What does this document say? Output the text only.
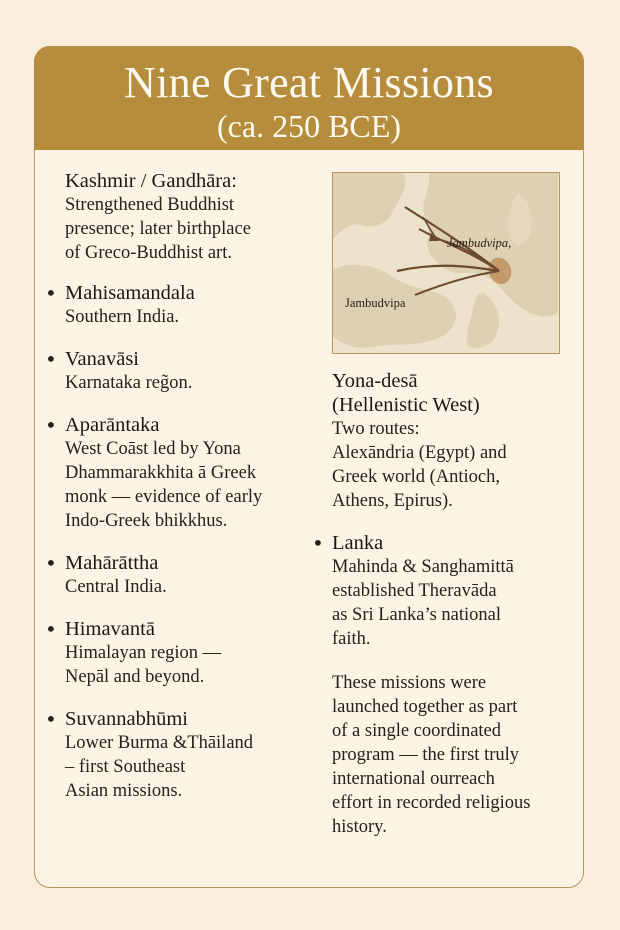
Nine Great Missions
(ca. 250 BCE)
Kashmir / Gandhāra:
Strengthened Buddhist
presence; later birthplace
of Greco-Buddhist art.
• Mahisamandala
Southern India.
• Vanavāsi
Karnataka reg̃on.
• Aparāntaka
West Coāst led by Yona
Dhammarakkhita ā Greek
monk — evidence of early
Indo-Greek bhikkhus.
• Mahārāttha
Central India.
• Himavantā
Himalayan region —
Nepāl and beyond.
• Suvannabhūmi
Lower Burma &Thāiland
– first Southeast
Asian missions.
Jambudvipa,
Jambudvipa
Yona-desā
(Hellenistic West)
Two routes:
Alexāndria (Egypt) and
Greek world (Antioch,
Athens, Epirus).
• Lanka
Mahinda & Sanghamittā
established Theravāda
as Sri Lanka’s national
faith.
These missions were
launched together as part
of a single coordinated
program — the first truly
international ourreach
effort in recorded religious
history.
